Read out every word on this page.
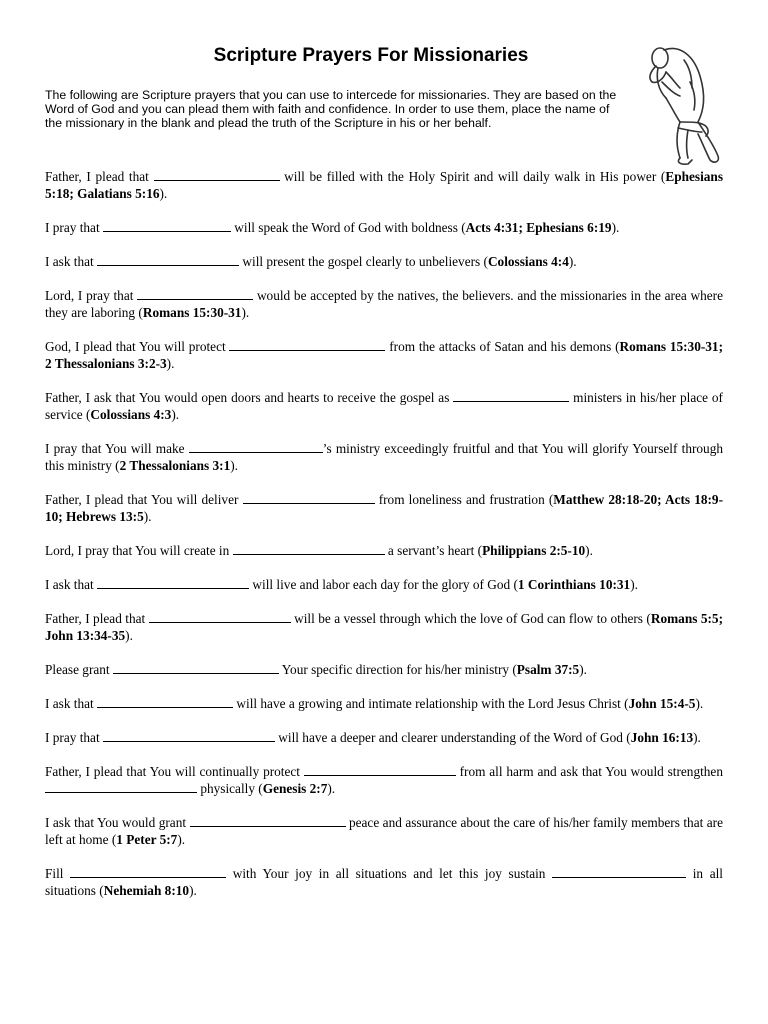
Scripture Prayers For Missionaries
The following are Scripture prayers that you can use to intercede for missionaries. They are based on the Word of God and you can plead them with faith and confidence. In order to use them, place the name of the missionary in the blank and plead the truth of the Scripture in his or her behalf.

Father, I plead that	will be filled with the Holy Spirit and will daily walk in His power (Ephesians 5:18; Galatians 5:16).

I pray that	will speak the Word of God with boldness (Acts 4:31; Ephesians 6:19).

I ask that	will present the gospel clearly to unbelievers (Colossians 4:4).

Lord, I pray that	would be accepted by the natives, the believers. and the missionaries in the area where they are laboring (Romans 15:30-31).

God, I plead that You will protect	from the attacks of Satan and his demons (Romans 15:30-31; 2 Thessalonians 3:2-3).

Father, I ask that You would open doors and hearts to receive the gospel as	ministers in his/her place of service (Colossians 4:3).

I pray that You will make	’s ministry exceedingly fruitful and that You will glorify Yourself through this ministry (2 Thessalonians 3:1).

Father, I plead that You will deliver	from loneliness and frustration (Matthew 28:18-20; Acts 18:9-10; Hebrews 13:5).

Lord, I pray that You will create in	a servant’s heart (Philippians 2:5-10).

I ask that	will live and labor each day for the glory of God (1 Corinthians 10:31).

Father, I plead that	will be a vessel through which the love of God can flow to others (Romans 5:5; John 13:34-35).

Please grant	Your specific direction for his/her ministry (Psalm 37:5).

I ask that	will have a growing and intimate relationship with the Lord Jesus Christ (John 15:4-5).

I pray that	will have a deeper and clearer understanding of the Word of God (John 16:13).

Father, I plead that You will continually protect	from all harm and ask that You would strengthen  physically (Genesis 2:7).

I ask that You would grant	peace and assurance about the care of his/her family members that are left at home (1 Peter 5:7).

Fill	with Your joy in all situations and let this joy sustain	in all situations (Nehemiah 8:10).
